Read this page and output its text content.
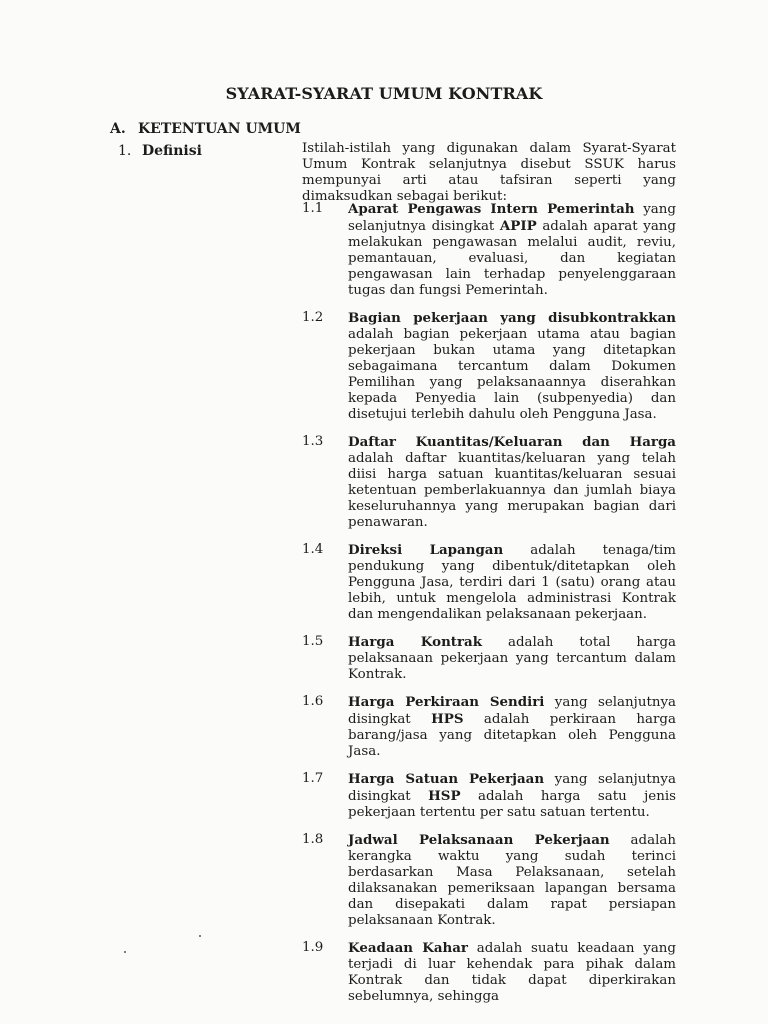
SYARAT-SYARAT UMUM KONTRAK
A. KETENTUAN UMUM
1. Definisi	Istilah-istilah yang digunakan dalam Syarat-Syarat Umum Kontrak selanjutnya disebut SSUK harus mempunyai arti atau tafsiran seperti yang dimaksudkan sebagai berikut:
1.1	Aparat Pengawas Intern Pemerintah yang selanjutnya disingkat APIP adalah aparat yang melakukan pengawasan melalui audit, reviu, pemantauan, evaluasi, dan kegiatan pengawasan lain terhadap penyelenggaraan tugas dan fungsi Pemerintah.
1.2	Bagian pekerjaan yang disubkontrakkan adalah bagian pekerjaan utama atau bagian pekerjaan bukan utama yang ditetapkan sebagaimana tercantum dalam Dokumen Pemilihan yang pelaksanaannya diserahkan kepada Penyedia lain (subpenyedia) dan disetujui terlebih dahulu oleh Pengguna Jasa.
1.3	Daftar Kuantitas/Keluaran dan Harga adalah daftar kuantitas/keluaran yang telah diisi harga satuan kuantitas/keluaran sesuai ketentuan pemberlakuannya dan jumlah biaya keseluruhannya yang merupakan bagian dari penawaran.
1.4	Direksi Lapangan adalah tenaga/tim pendukung yang dibentuk/ditetapkan oleh Pengguna Jasa, terdiri dari 1 (satu) orang atau lebih, untuk mengelola administrasi Kontrak dan mengendalikan pelaksanaan pekerjaan.
1.5	Harga Kontrak adalah total harga pelaksanaan pekerjaan yang tercantum dalam Kontrak.
1.6	Harga Perkiraan Sendiri yang selanjutnya disingkat HPS adalah perkiraan harga barang/jasa yang ditetapkan oleh Pengguna Jasa.
1.7	Harga Satuan Pekerjaan yang selanjutnya disingkat HSP adalah harga satu jenis pekerjaan tertentu per satu satuan tertentu.
1.8	Jadwal Pelaksanaan Pekerjaan adalah kerangka waktu yang sudah terinci berdasarkan Masa Pelaksanaan, setelah dilaksanakan pemeriksaan lapangan bersama dan disepakati dalam rapat persiapan pelaksanaan Kontrak.
1.9	Keadaan Kahar adalah suatu keadaan yang terjadi di luar kehendak para pihak dalam Kontrak dan tidak dapat diperkirakan sebelumnya, sehingga
